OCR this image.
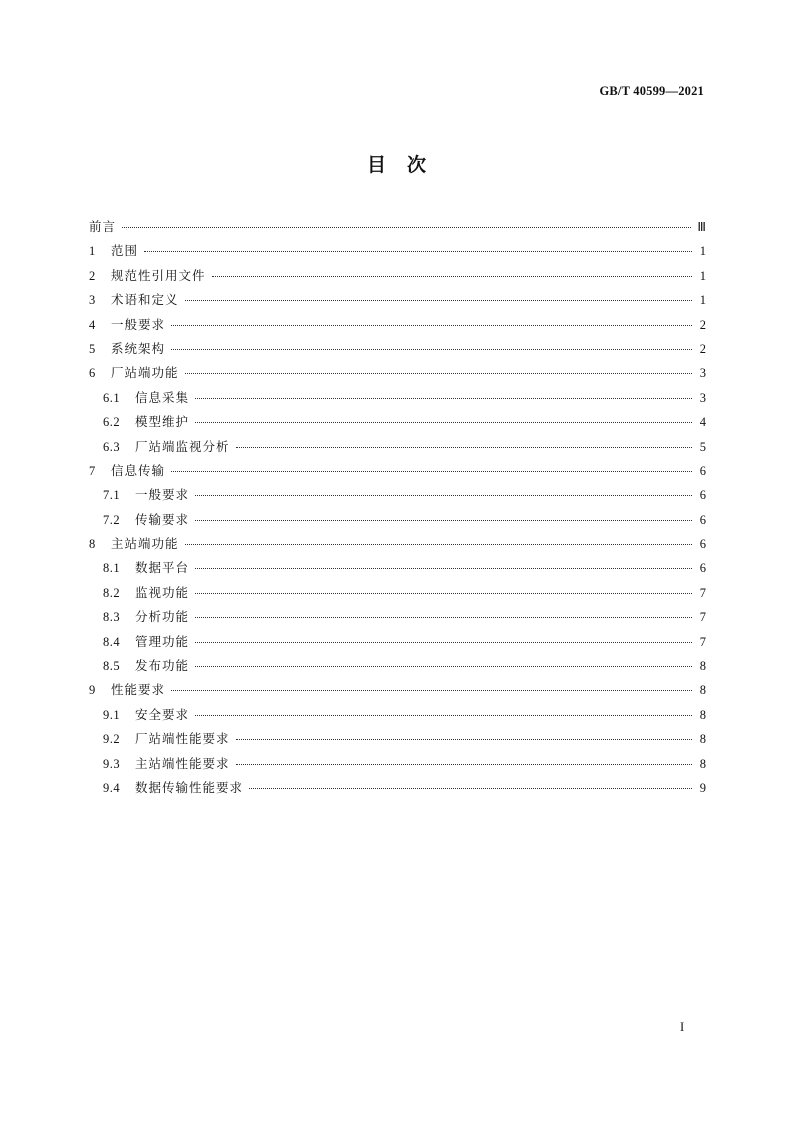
GB/T 40599—2021
目　次
前言	Ⅲ
1	范围	1
2	规范性引用文件	1
3	术语和定义	1
4	一般要求	2
5	系统架构	2
6	厂站端功能	3
6.1	信息采集	3
6.2	模型维护	4
6.3	厂站端监视分析	5
7	信息传输	6
7.1	一般要求	6
7.2	传输要求	6
8	主站端功能	6
8.1	数据平台	6
8.2	监视功能	7
8.3	分析功能	7
8.4	管理功能	7
8.5	发布功能	8
9	性能要求	8
9.1	安全要求	8
9.2	厂站端性能要求	8
9.3	主站端性能要求	8
9.4	数据传输性能要求	9
I
